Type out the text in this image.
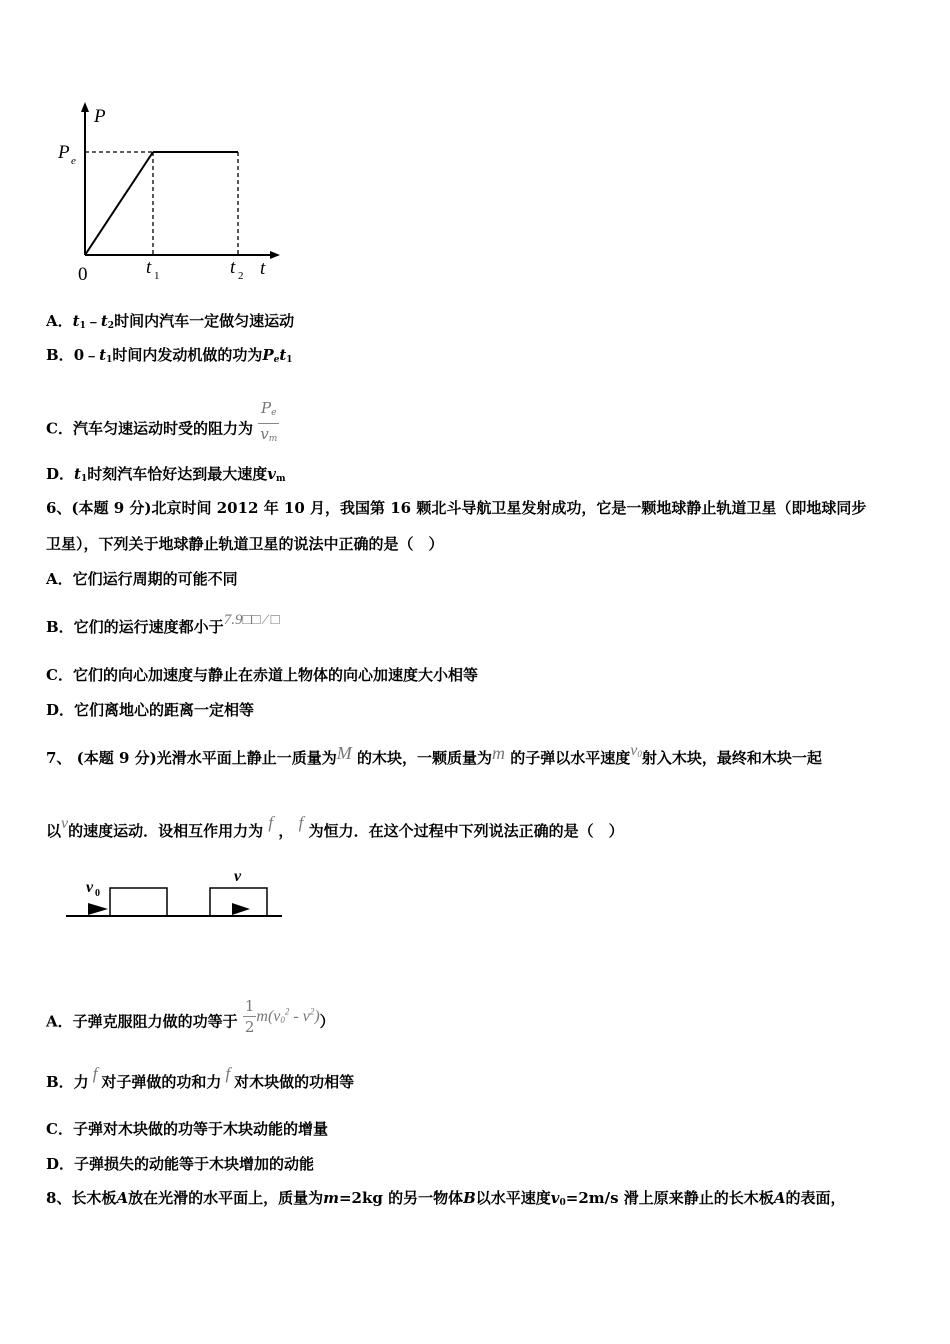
P
P e
0	t 1	t 2 t
A．$t_1﹣t_2$时间内汽车一定做匀速运动
B．$0﹣t_1$时间内发动机做的功为$P_et_1$
C．汽车匀速运动时受的阻力为 $\frac{P_e}{v_m}$
D．$t_1$时刻汽车恰好达到最大速度$v_m$
6、(本题 9 分)北京时间 2012 年 10 月，我国第 16 颗北斗导航卫星发射成功，它是一颗地球静止轨道卫星（即地球同步
卫星），下列关于地球静止轨道卫星的说法中正确的是（　）
A．它们运行周期的可能不同
B．它们的运行速度都小于7.9□□ ⁄ □
C．它们的向心加速度与静止在赤道上物体的向心加速度大小相等
D．它们离地心的距离一定相等
7、 (本题 9 分)光滑水平面上静止一质量为M 的木块，一颗质量为m 的子弹以水平速度$v_0$射入木块，最终和木块一起
以v的速度运动．设相互作用力为 f ， f 为恒力．在这个过程中下列说法正确的是（　）
v 0
v
A．子弹克服阻力做的功等于 $\frac{1}{2} m(v_0^2 - v^2)$）
B．力 f 对子弹做的功和力 f 对木块做的功相等
C．子弹对木块做的功等于木块动能的增量
D．子弹损失的动能等于木块增加的动能
8、长木板A放在光滑的水平面上，质量为m=2kg 的另一物体B以水平速度$v_0=2m/s$ 滑上原来静止的长木板A的表面，
